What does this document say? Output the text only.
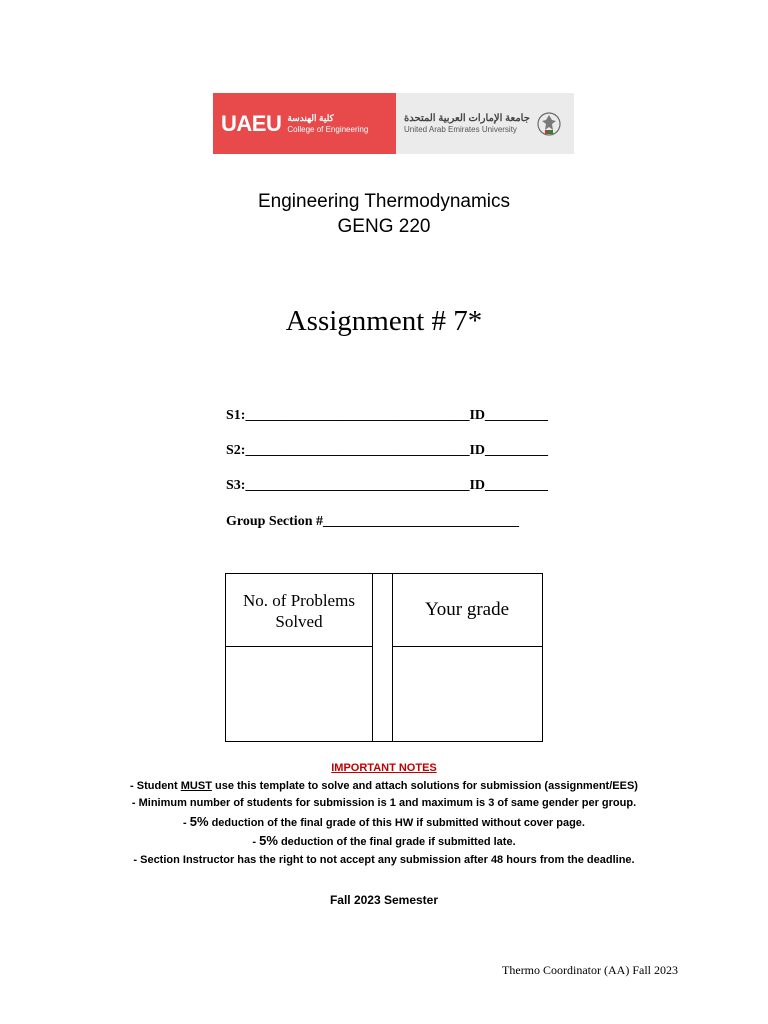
UAEU كلية الهندسة
College of Engineering
جامعة الإمارات العربية المتحدة
United Arab Emirates University
Engineering Thermodynamics
GENG 220
Assignment # 7*
S1:________________________________ID_________
S2:________________________________ID_________
S3:________________________________ID_________
Group Section #____________________________
No. of Problems
Solved
Your grade
IMPORTANT NOTES
- Student MUST use this template to solve and attach solutions for submission (assignment/EES)
- Minimum number of students for submission is 1 and maximum is 3 of same gender per group.
- 5% deduction of the final grade of this HW if submitted without cover page.
- 5% deduction of the final grade if submitted late.
- Section Instructor has the right to not accept any submission after 48 hours from the deadline.
Fall 2023 Semester
Thermo Coordinator (AA) Fall 2023
